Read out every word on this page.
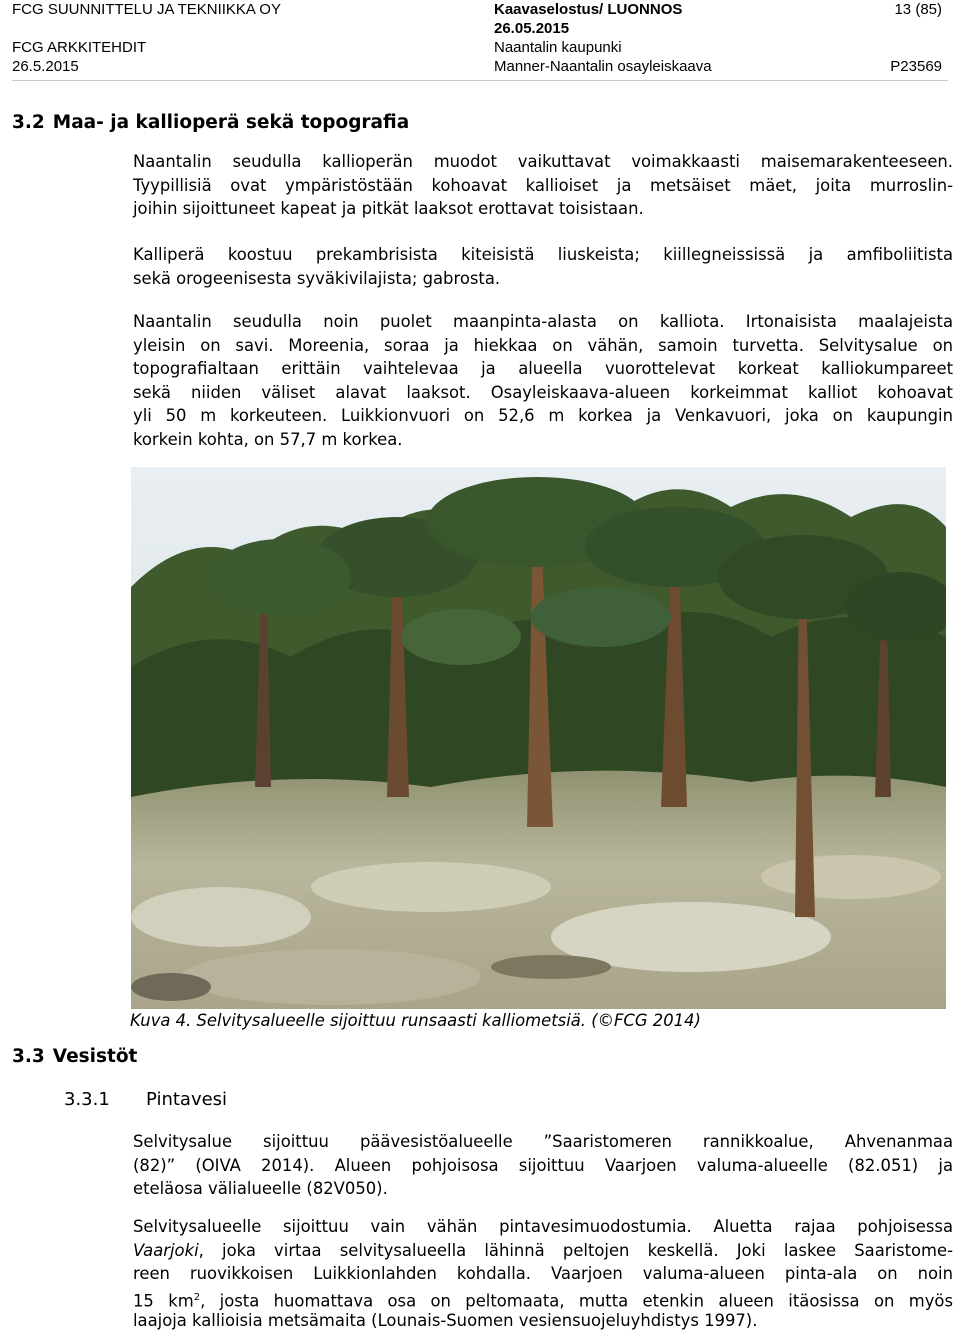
FCG SUUNNITTELU JA TEKNIIKKA OY
FCG ARKKITEHDIT
26.5.2015
Kaavaselostus/ LUONNOS
26.05.2015
Naantalin kaupunki
Manner-Naantalin osayleiskaava
13 (85)
P23569
3.2 Maa- ja kallioperä sekä topografia
Naantalin seudulla kallioperän muodot vaikuttavat voimakkaasti maisemarakenteeseen.
Tyypillisiä ovat ympäristöstään kohoavat kallioiset ja metsäiset mäet, joita murroslin-
joihin sijoittuneet kapeat ja pitkät laaksot erottavat toisistaan.
Kalliperä koostuu prekambrisista kiteisistä liuskeista; kiillegneississä ja amfiboliitista
sekä orogeenisesta syväkivilajista; gabrosta.
Naantalin seudulla noin puolet maanpinta-alasta on kalliota. Irtonaisista maalajeista
yleisin on savi. Moreenia, soraa ja hiekkaa on vähän, samoin turvetta. Selvitysalue on
topografialtaan erittäin vaihtelevaa ja alueella vuorottelevat korkeat kalliokumpareet
sekä niiden väliset alavat laaksot. Osayleiskaava-alueen korkeimmat kalliot kohoavat
yli 50 m korkeuteen. Luikkionvuori on 52,6 m korkea ja Venkavuori, joka on kaupungin
korkein kohta, on 57,7 m korkea.
Kuva 4. Selvitysalueelle sijoittuu runsaasti kalliometsiä. (©FCG 2014)
3.3 Vesistöt
3.3.1 Pintavesi
Selvitysalue sijoittuu päävesistöalueelle ”Saaristomeren rannikkoalue, Ahvenanmaa
(82)” (OIVA 2014). Alueen pohjoisosa sijoittuu Vaarjoen valuma-alueelle (82.051) ja
eteläosa välialueelle (82V050).
Selvitysalueelle sijoittuu vain vähän pintavesimuodostumia. Aluetta rajaa pohjoisessa
Vaarjoki, joka virtaa selvitysalueella lähinnä peltojen keskellä. Joki laskee Saaristome-
reen ruovikkoisen Luikkionlahden kohdalla. Vaarjoen valuma-alueen pinta-ala on noin
15 $km^2$, josta huomattava osa on peltomaata, mutta etenkin alueen itäosissa on myös
laajoja kallioisia metsämaita (Lounais-Suomen vesiensuojeluyhdistys 1997).
